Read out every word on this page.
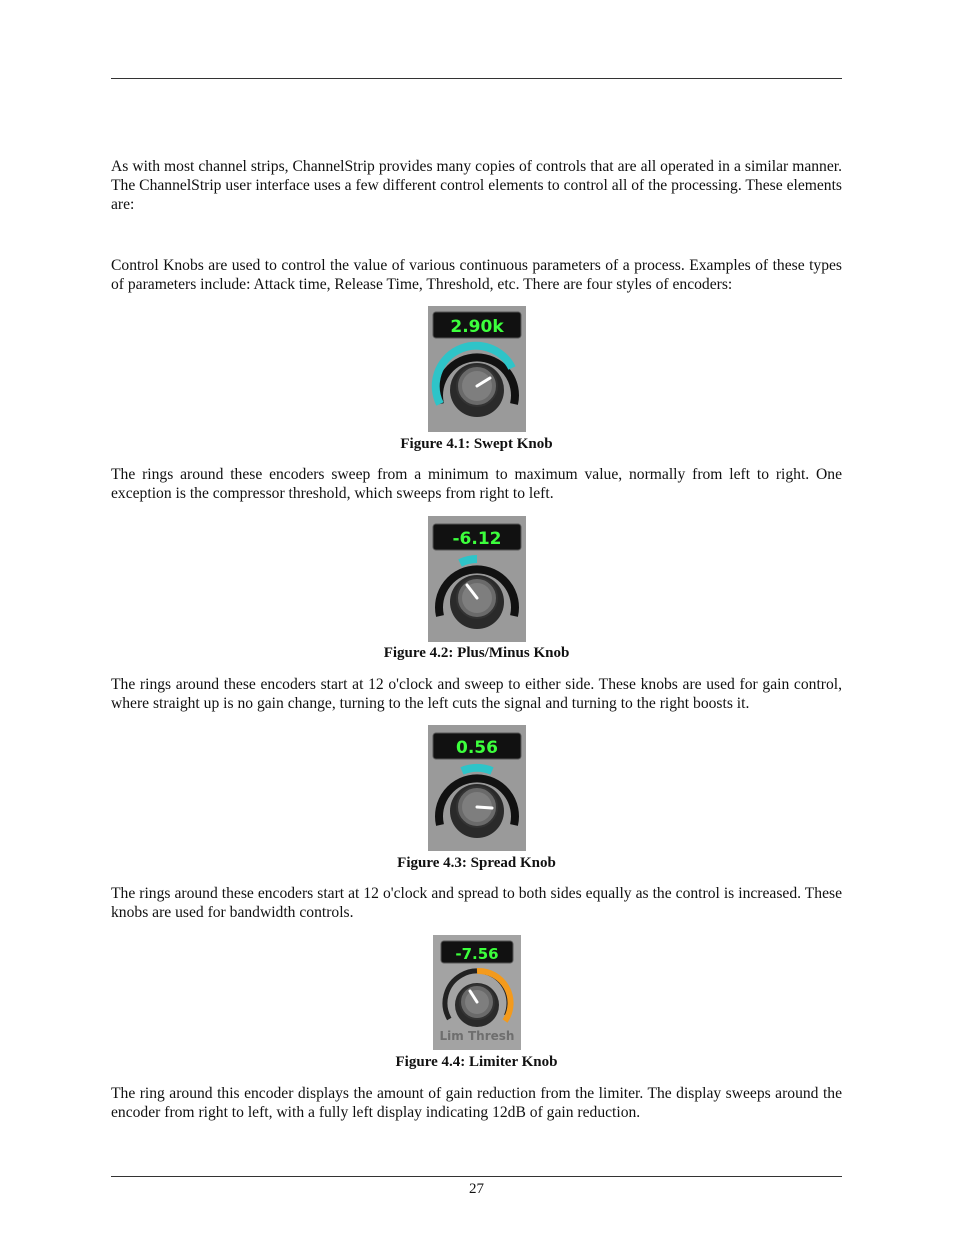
As with most channel strips, ChannelStrip provides many copies of controls that are all operated in a similar manner. The ChannelStrip user interface uses a few different control elements to control all of the processing. These elements are:

Control Knobs are used to control the value of various continuous parameters of a process. Examples of these types of parameters include: Attack time, Release Time, Threshold, etc. There are four styles of encoders:

2.90k

Figure 4.1: Swept Knob

The rings around these encoders sweep from a minimum to maximum value, normally from left to right. One exception is the compressor threshold, which sweeps from right to left.

-6.12

Figure 4.2: Plus/Minus Knob

The rings around these encoders start at 12 o'clock and sweep to either side. These knobs are used for gain control, where straight up is no gain change, turning to the left cuts the signal and turning to the right boosts it.

0.56

Figure 4.3: Spread Knob

The rings around these encoders start at 12 o'clock and spread to both sides equally as the control is increased. These knobs are used for bandwidth controls.

-7.56
Lim Thresh

Figure 4.4: Limiter Knob

The ring around this encoder displays the amount of gain reduction from the limiter. The display sweeps around the encoder from right to left, with a fully left display indicating 12dB of gain reduction.

27
